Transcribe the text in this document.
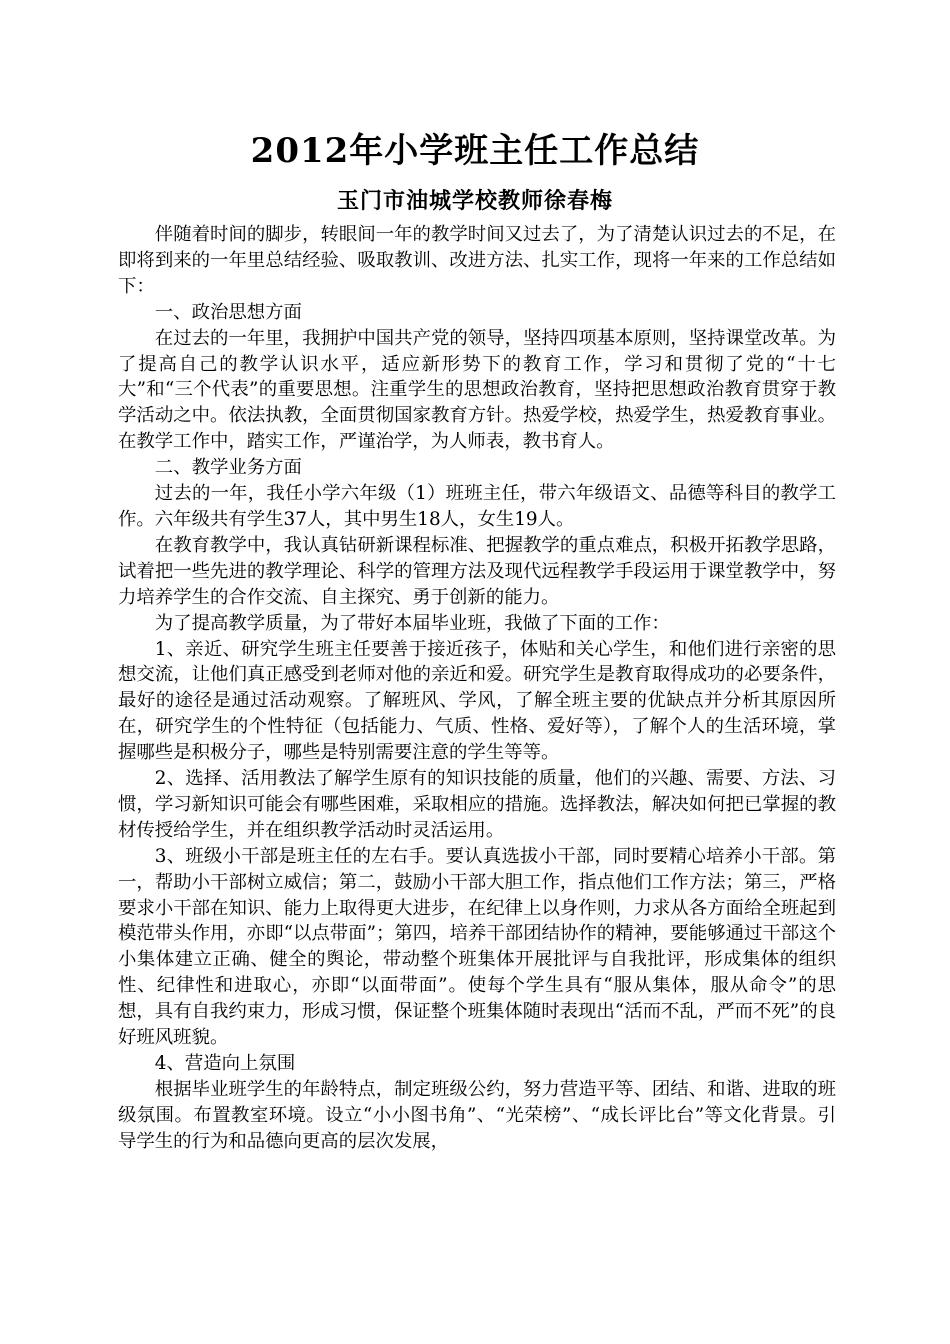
2012年小学班主任工作总结
玉门市油城学校教师徐春梅

伴随着时间的脚步，转眼间一年的教学时间又过去了，为了清楚认识过去的不足，在即将到来的一年里总结经验、吸取教训、改进方法、扎实工作，现将一年来的工作总结如下：

一、政治思想方面

在过去的一年里，我拥护中国共产党的领导，坚持四项基本原则，坚持课堂改革。为了提高自己的教学认识水平，适应新形势下的教育工作，学习和贯彻了党的“十七大”和“三个代表”的重要思想。注重学生的思想政治教育，坚持把思想政治教育贯穿于教学活动之中。依法执教，全面贯彻国家教育方针。热爱学校，热爱学生，热爱教育事业。在教学工作中，踏实工作，严谨治学，为人师表，教书育人。

二、教学业务方面

过去的一年，我任小学六年级（1）班班主任，带六年级语文、品德等科目的教学工作。六年级共有学生37人，其中男生18人，女生19人。

在教育教学中，我认真钻研新课程标准、把握教学的重点难点，积极开拓教学思路，试着把一些先进的教学理论、科学的管理方法及现代远程教学手段运用于课堂教学中，努力培养学生的合作交流、自主探究、勇于创新的能力。

为了提高教学质量，为了带好本届毕业班，我做了下面的工作：

1、亲近、研究学生班主任要善于接近孩子，体贴和关心学生，和他们进行亲密的思想交流，让他们真正感受到老师对他的亲近和爱。研究学生是教育取得成功的必要条件，最好的途径是通过活动观察。了解班风、学风，了解全班主要的优缺点并分析其原因所在，研究学生的个性特征（包括能力、气质、性格、爱好等），了解个人的生活环境，掌握哪些是积极分子，哪些是特别需要注意的学生等等。

2、选择、活用教法了解学生原有的知识技能的质量，他们的兴趣、需要、方法、习惯，学习新知识可能会有哪些困难，采取相应的措施。选择教法，解决如何把已掌握的教材传授给学生，并在组织教学活动时灵活运用。

3、班级小干部是班主任的左右手。要认真选拔小干部，同时要精心培养小干部。第一，帮助小干部树立威信；第二，鼓励小干部大胆工作，指点他们工作方法；第三，严格要求小干部在知识、能力上取得更大进步，在纪律上以身作则，力求从各方面给全班起到模范带头作用，亦即“以点带面”；第四，培养干部团结协作的精神，要能够通过干部这个小集体建立正确、健全的舆论，带动整个班集体开展批评与自我批评，形成集体的组织性、纪律性和进取心，亦即“以面带面”。使每个学生具有“服从集体，服从命令”的思想，具有自我约束力，形成习惯，保证整个班集体随时表现出“活而不乱，严而不死”的良好班风班貌。

4、营造向上氛围

根据毕业班学生的年龄特点，制定班级公约，努力营造平等、团结、和谐、进取的班级氛围。布置教室环境。设立“小小图书角”、“光荣榜”、“成长评比台”等文化背景。引导学生的行为和品德向更高的层次发展，
